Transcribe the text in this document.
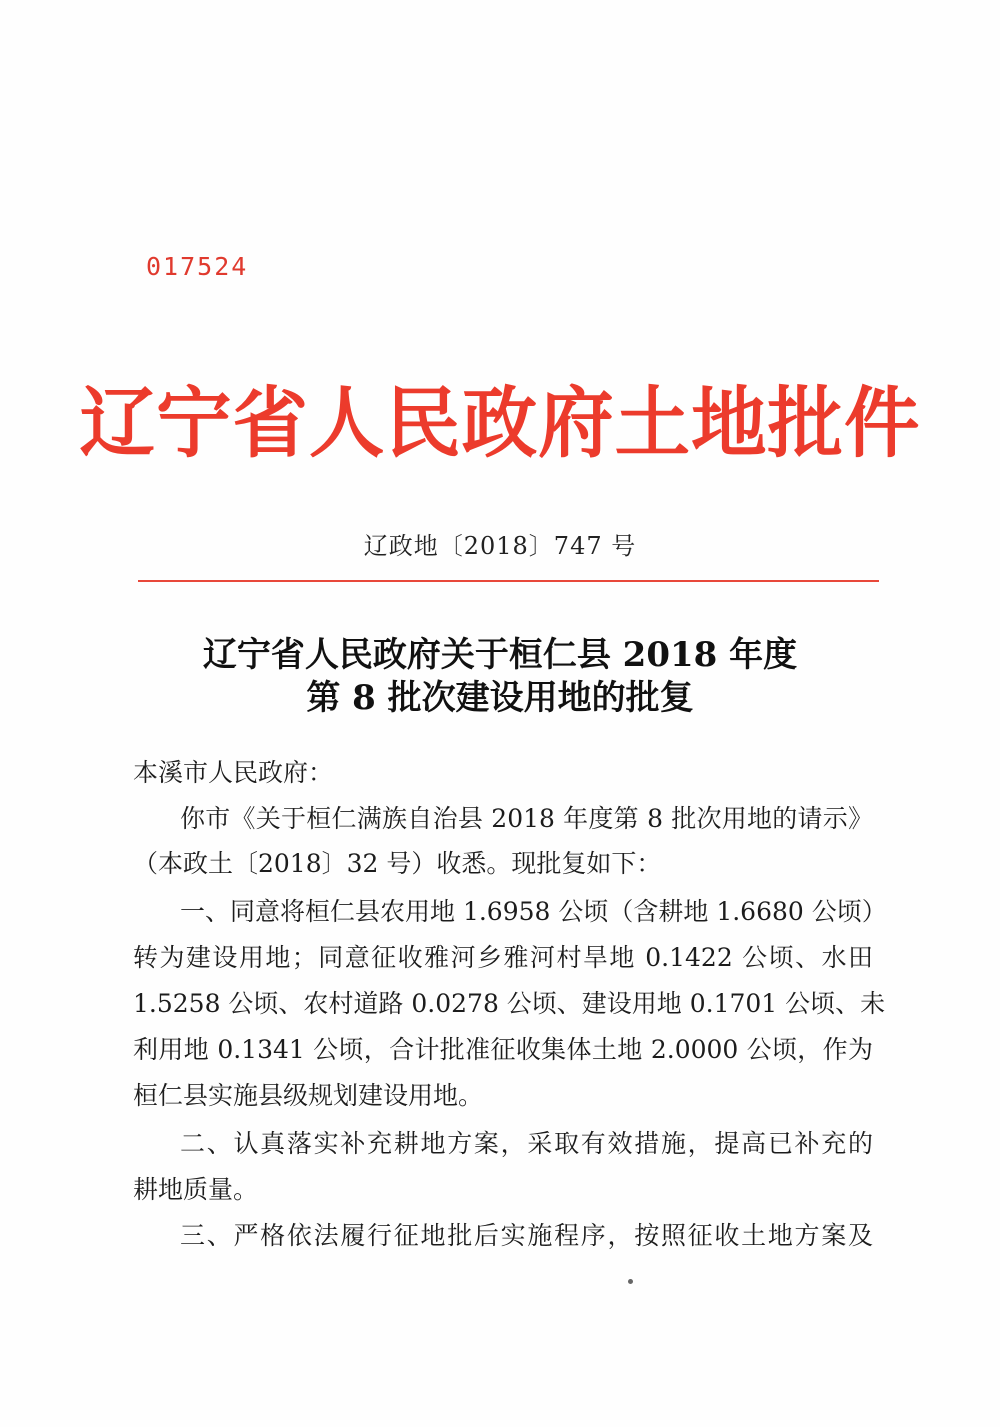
017524
辽宁省人民政府土地批件
辽政地〔2018〕747 号
辽宁省人民政府关于桓仁县 2018 年度
第 8 批次建设用地的批复
本溪市人民政府：
你市《关于桓仁满族自治县 2018 年度第 8 批次用地的请示》
（本政土〔2018〕32 号）收悉。现批复如下：
一、同意将桓仁县农用地 1.6958 公顷（含耕地 1.6680 公顷）
转为建设用地；同意征收雅河乡雅河村旱地 0.1422 公顷、水田
1.5258 公顷、农村道路 0.0278 公顷、建设用地 0.1701 公顷、未
利用地 0.1341 公顷，合计批准征收集体土地 2.0000 公顷，作为
桓仁县实施县级规划建设用地。
二、认真落实补充耕地方案，采取有效措施，提高已补充的
耕地质量。
三、严格依法履行征地批后实施程序，按照征收土地方案及
